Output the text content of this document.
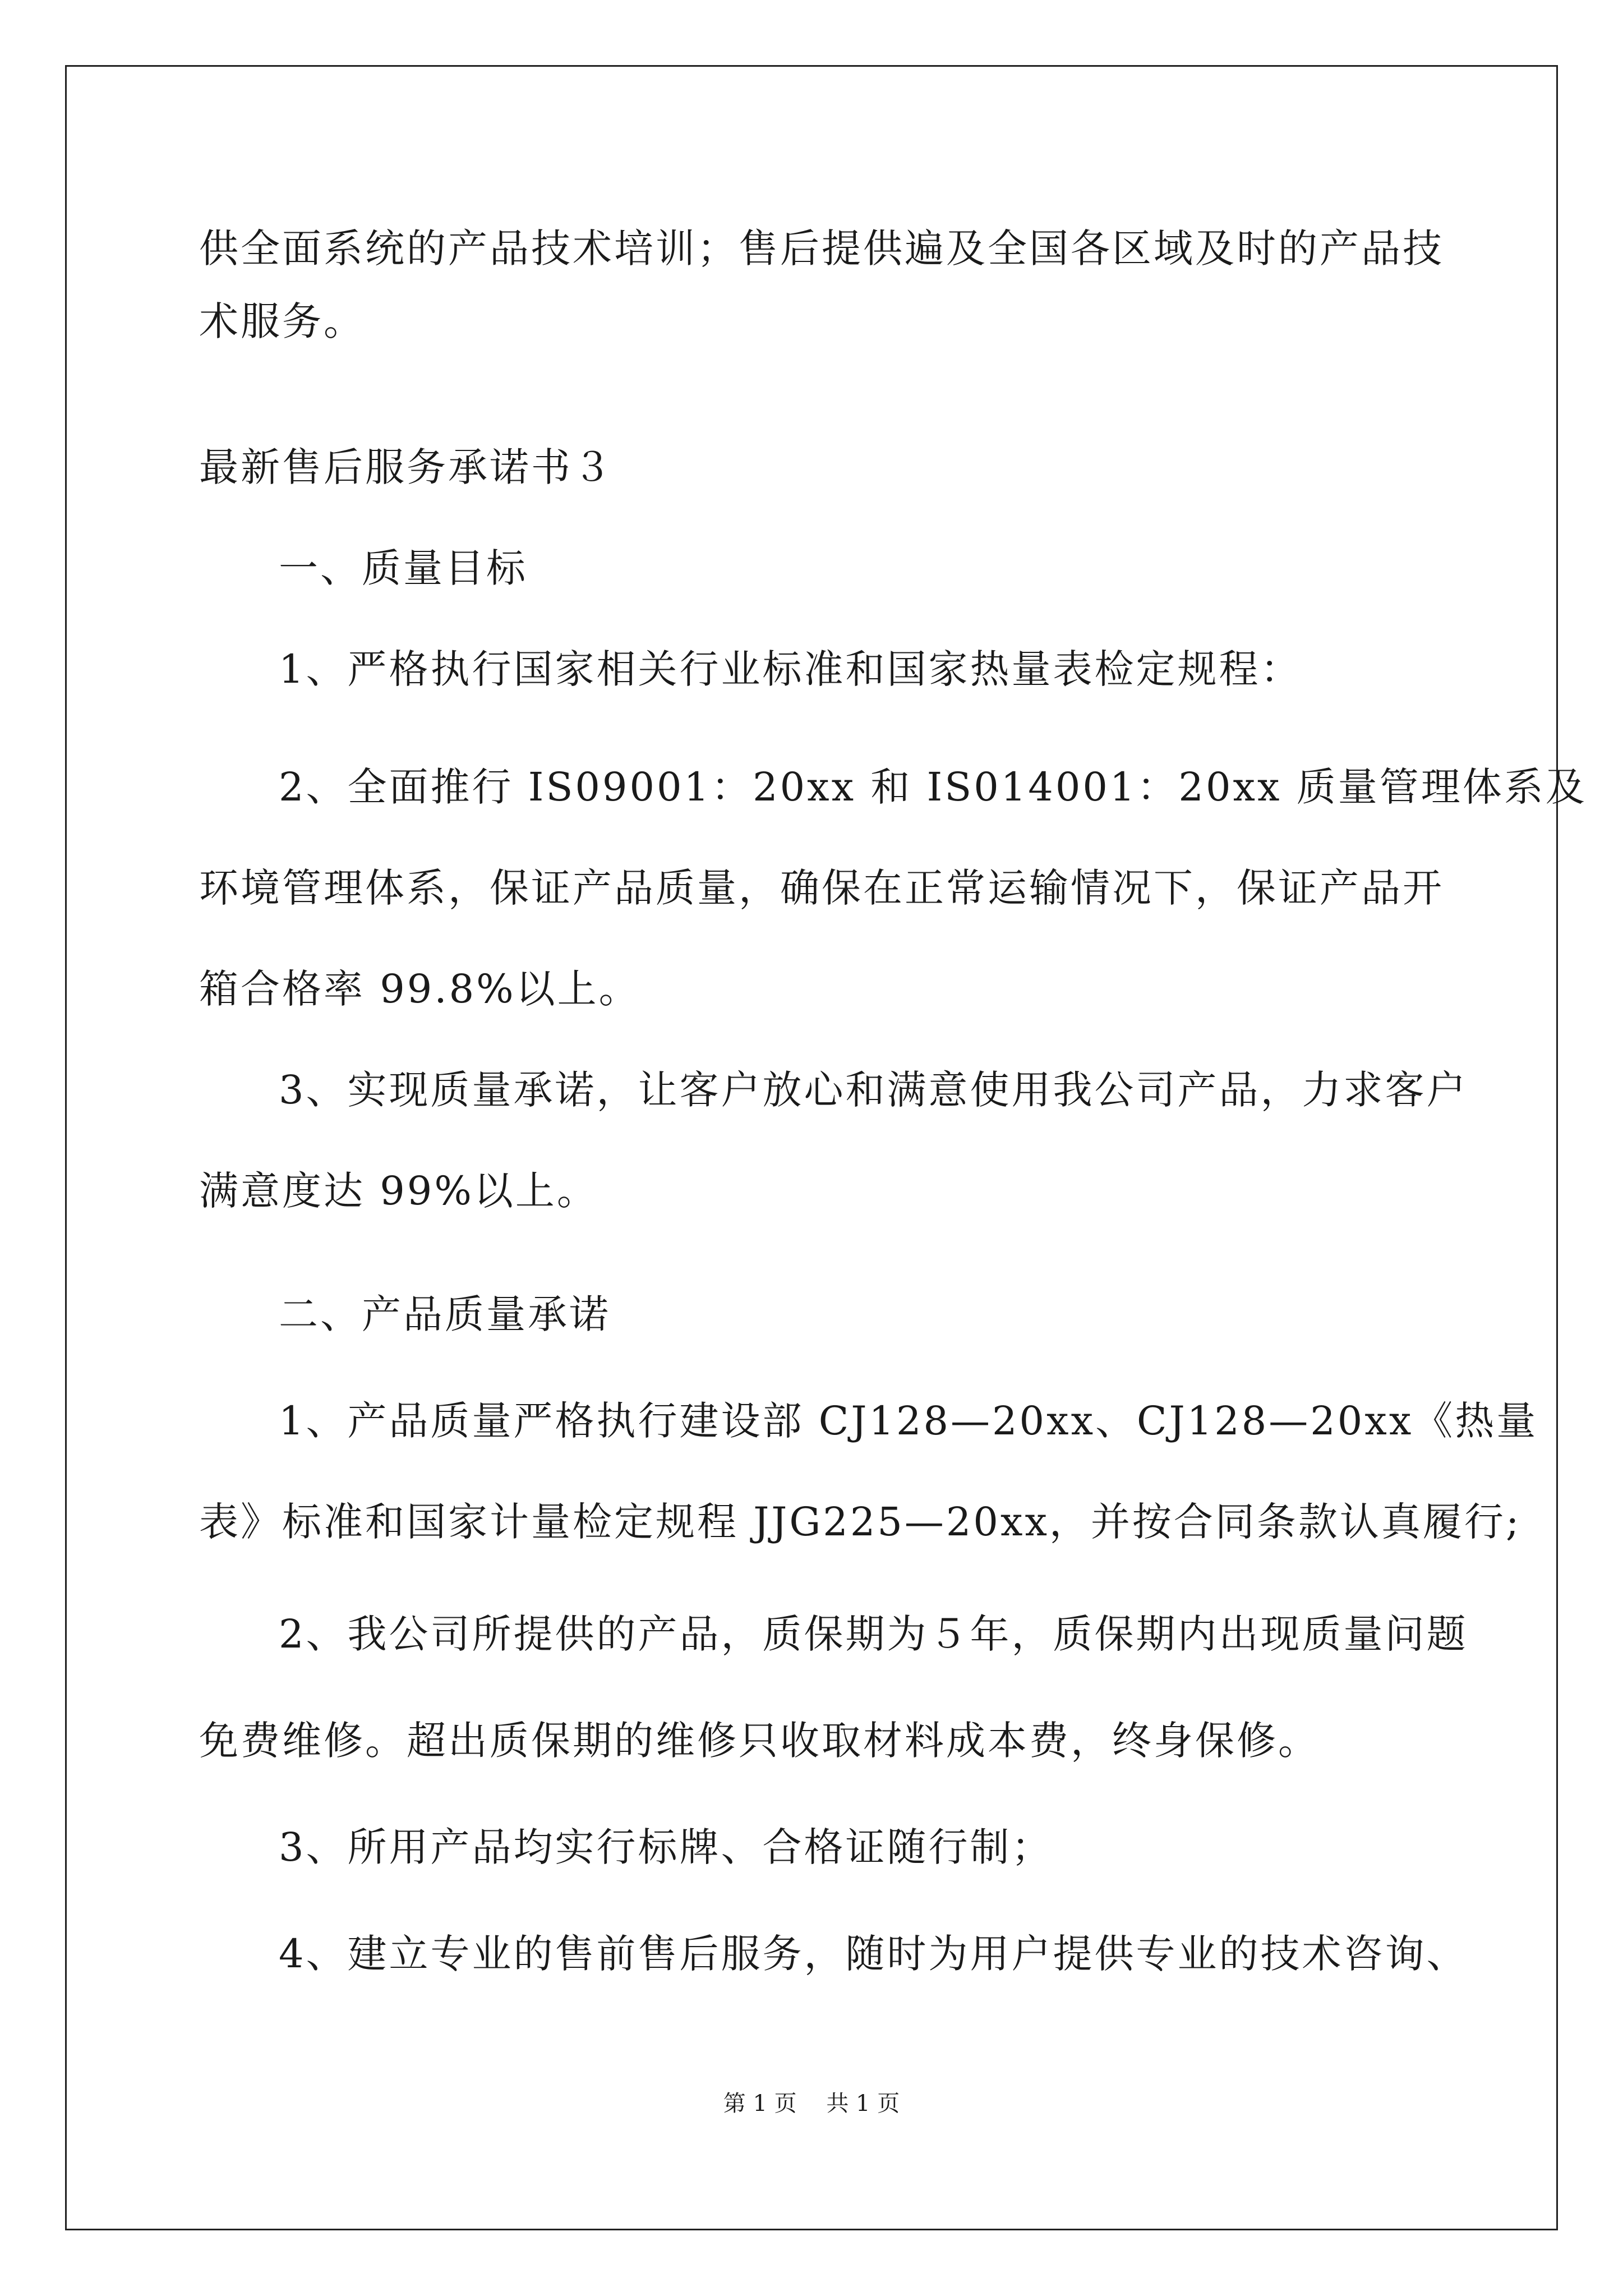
供全面系统的产品技术培训；售后提供遍及全国各区域及时的产品技
术服务。
最新售后服务承诺书３
一、质量目标
1、严格执行国家相关行业标准和国家热量表检定规程：
2、全面推行 IS09001：20xx 和 IS014001：20xx 质量管理体系及
环境管理体系，保证产品质量，确保在正常运输情况下，保证产品开
箱合格率 99.8%以上。
3、实现质量承诺，让客户放心和满意使用我公司产品，力求客户
满意度达 99%以上。
二、产品质量承诺
1、产品质量严格执行建设部 CJ128—20xx、CJ128—20xx《热量
表》标准和国家计量检定规程 JJG225—20xx，并按合同条款认真履行;
2、我公司所提供的产品，质保期为５年，质保期内出现质量问题
免费维修。超出质保期的维修只收取材料成本费，终身保修。
3、所用产品均实行标牌、合格证随行制；
4、建立专业的售前售后服务，随时为用户提供专业的技术咨询、
第 1 页　 共 1 页
